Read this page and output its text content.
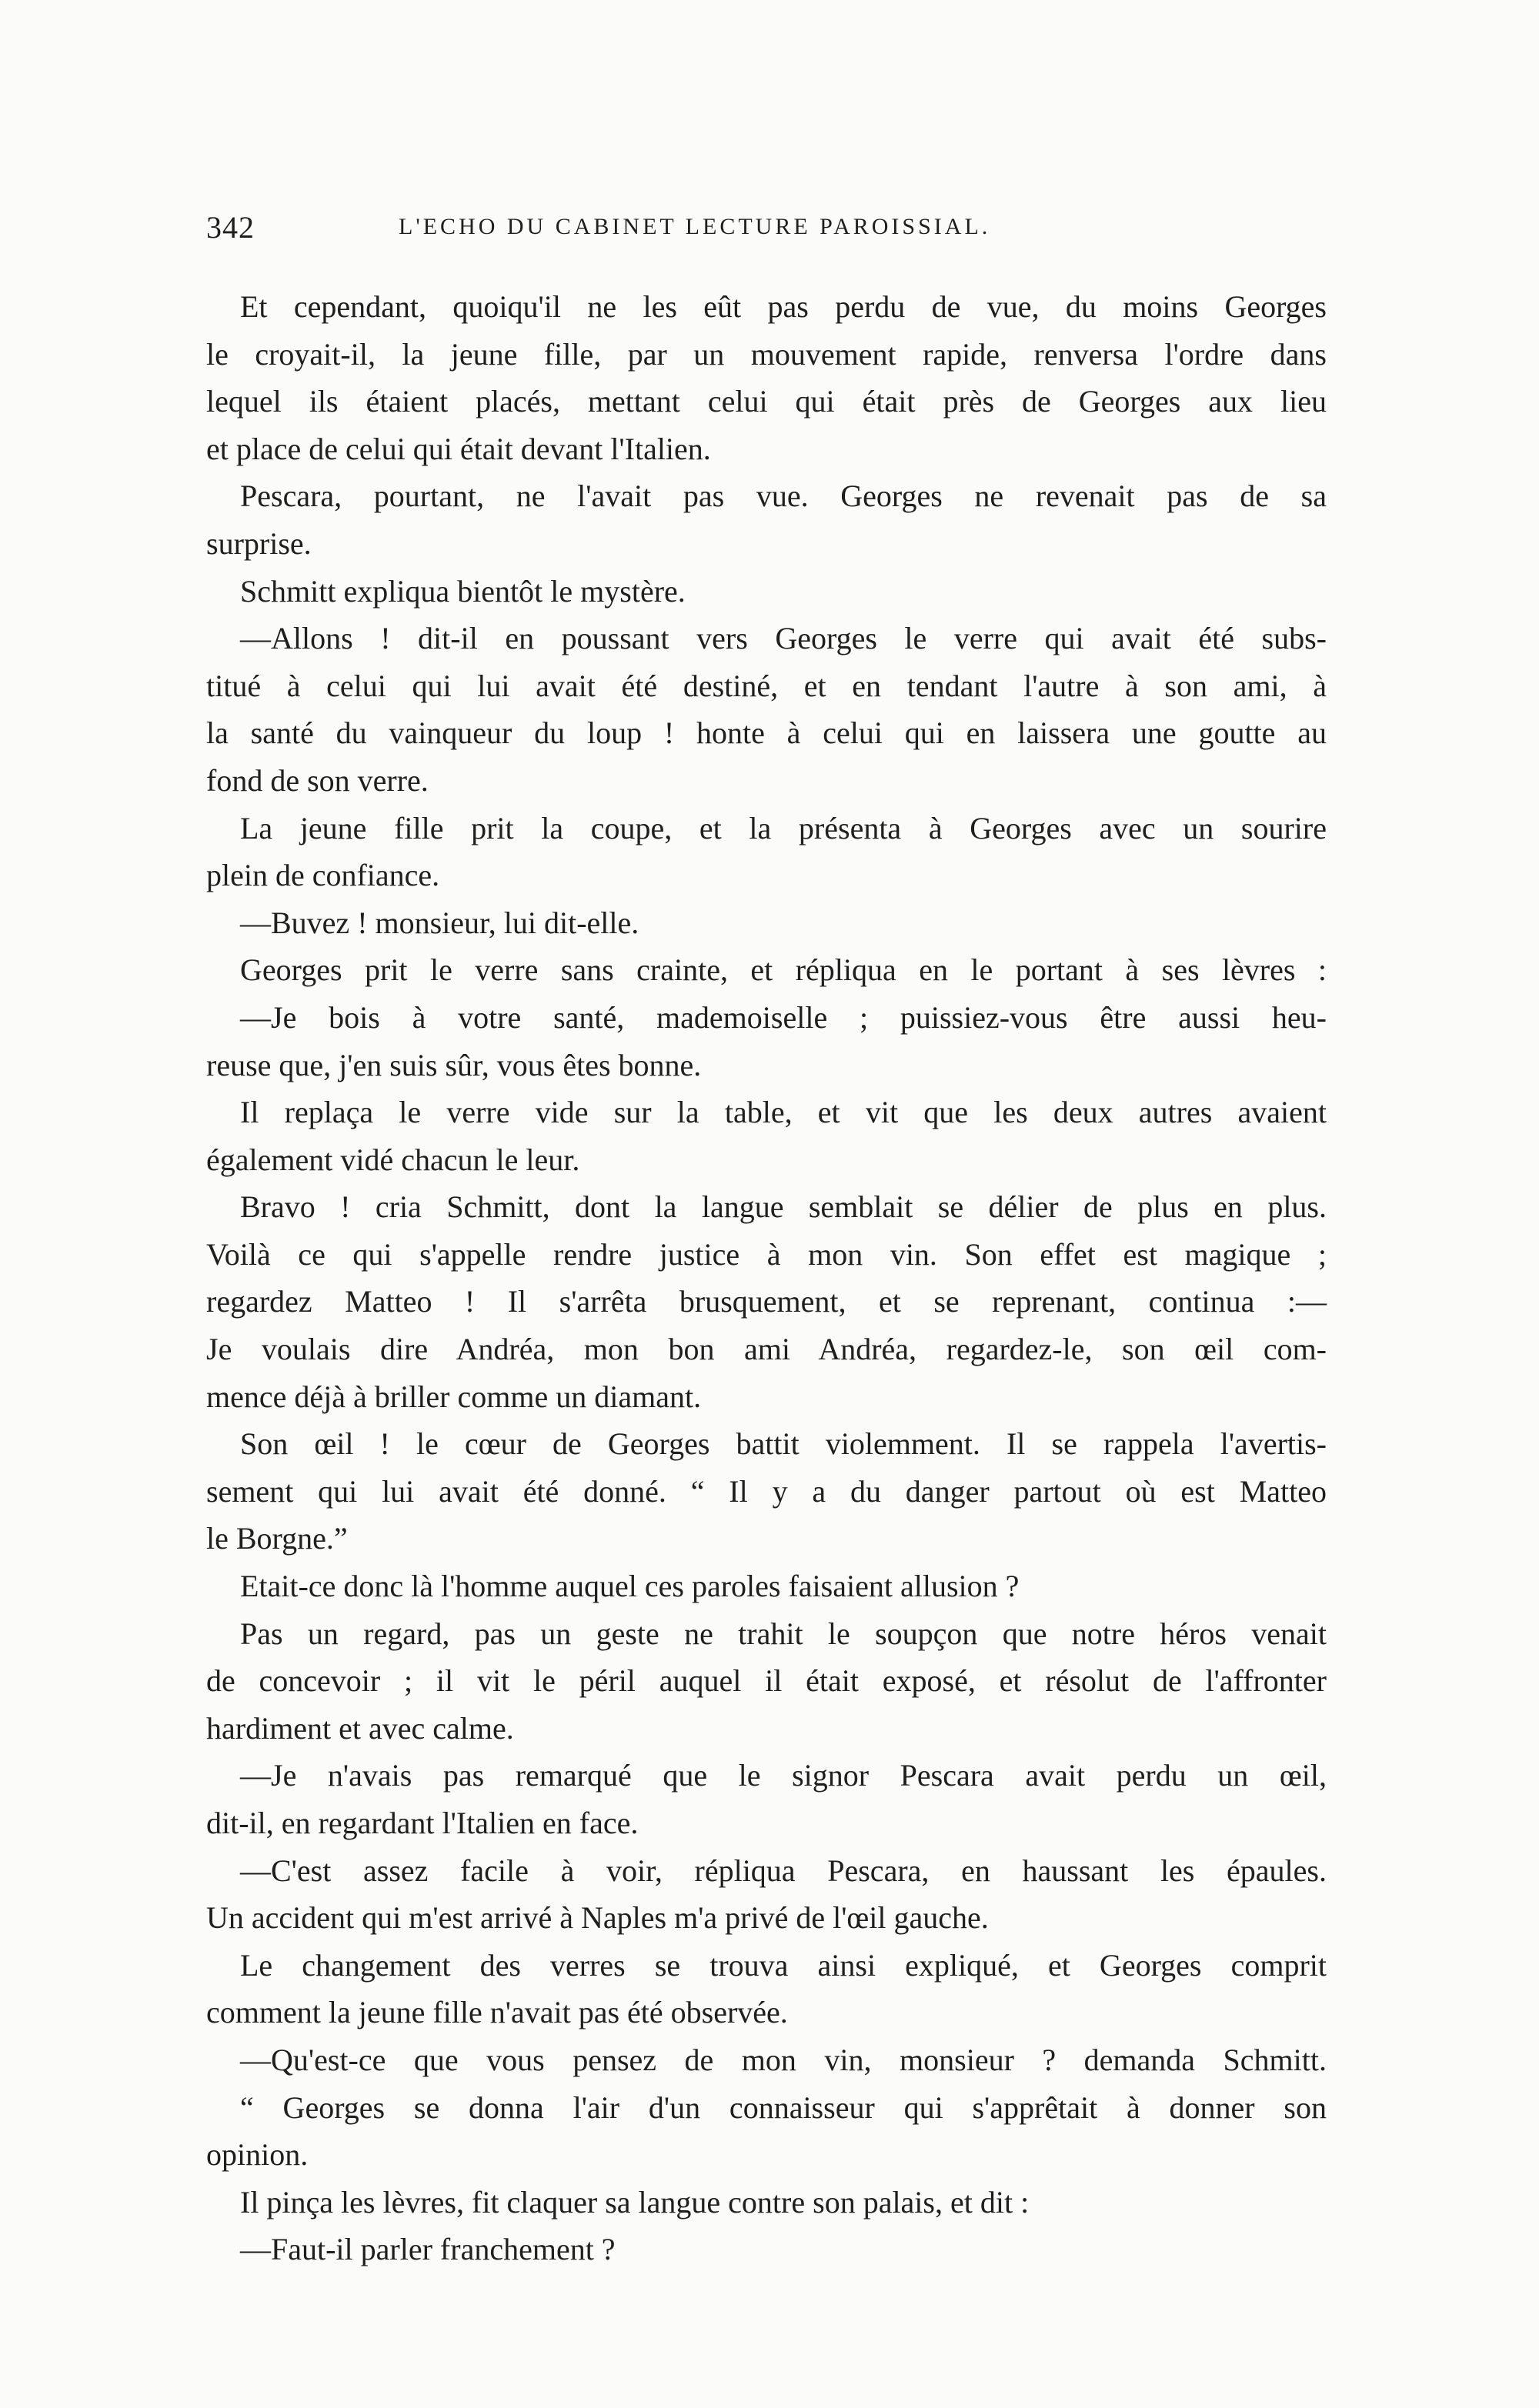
342	L'ECHO DU CABINET LECTURE PAROISSIAL.
Et cependant, quoiqu'il ne les eût pas perdu de vue, du moins Georges
le croyait-il, la jeune fille, par un mouvement rapide, renversa l'ordre dans
lequel ils étaient placés, mettant celui qui était près de Georges aux lieu
et place de celui qui était devant l'Italien.
Pescara, pourtant, ne l'avait pas vue. Georges ne revenait pas de sa
surprise.
Schmitt expliqua bientôt le mystère.
—Allons ! dit-il en poussant vers Georges le verre qui avait été subs-
titué à celui qui lui avait été destiné, et en tendant l'autre à son ami, à
la santé du vainqueur du loup ! honte à celui qui en laissera une goutte au
fond de son verre.
La jeune fille prit la coupe, et la présenta à Georges avec un sourire
plein de confiance.
—Buvez ! monsieur, lui dit-elle.
Georges prit le verre sans crainte, et répliqua en le portant à ses lèvres :
—Je bois à votre santé, mademoiselle ; puissiez-vous être aussi heu-
reuse que, j'en suis sûr, vous êtes bonne.
Il replaça le verre vide sur la table, et vit que les deux autres avaient
également vidé chacun le leur.
Bravo ! cria Schmitt, dont la langue semblait se délier de plus en plus.
Voilà ce qui s'appelle rendre justice à mon vin. Son effet est magique ;
regardez Matteo ! Il s'arrêta brusquement, et se reprenant, continua :—
Je voulais dire Andréa, mon bon ami Andréa, regardez-le, son œil com-
mence déjà à briller comme un diamant.
Son œil ! le cœur de Georges battit violemment. Il se rappela l'avertis-
sement qui lui avait été donné. “ Il y a du danger partout où est Matteo
le Borgne.”
Etait-ce donc là l'homme auquel ces paroles faisaient allusion ?
Pas un regard, pas un geste ne trahit le soupçon que notre héros venait
de concevoir ; il vit le péril auquel il était exposé, et résolut de l'affronter
hardiment et avec calme.
—Je n'avais pas remarqué que le signor Pescara avait perdu un œil,
dit-il, en regardant l'Italien en face.
—C'est assez facile à voir, répliqua Pescara, en haussant les épaules.
Un accident qui m'est arrivé à Naples m'a privé de l'œil gauche.
Le changement des verres se trouva ainsi expliqué, et Georges comprit
comment la jeune fille n'avait pas été observée.
—Qu'est-ce que vous pensez de mon vin, monsieur ? demanda Schmitt.
“ Georges se donna l'air d'un connaisseur qui s'apprêtait à donner son
opinion.
Il pinça les lèvres, fit claquer sa langue contre son palais, et dit :
—Faut-il parler franchement ?
